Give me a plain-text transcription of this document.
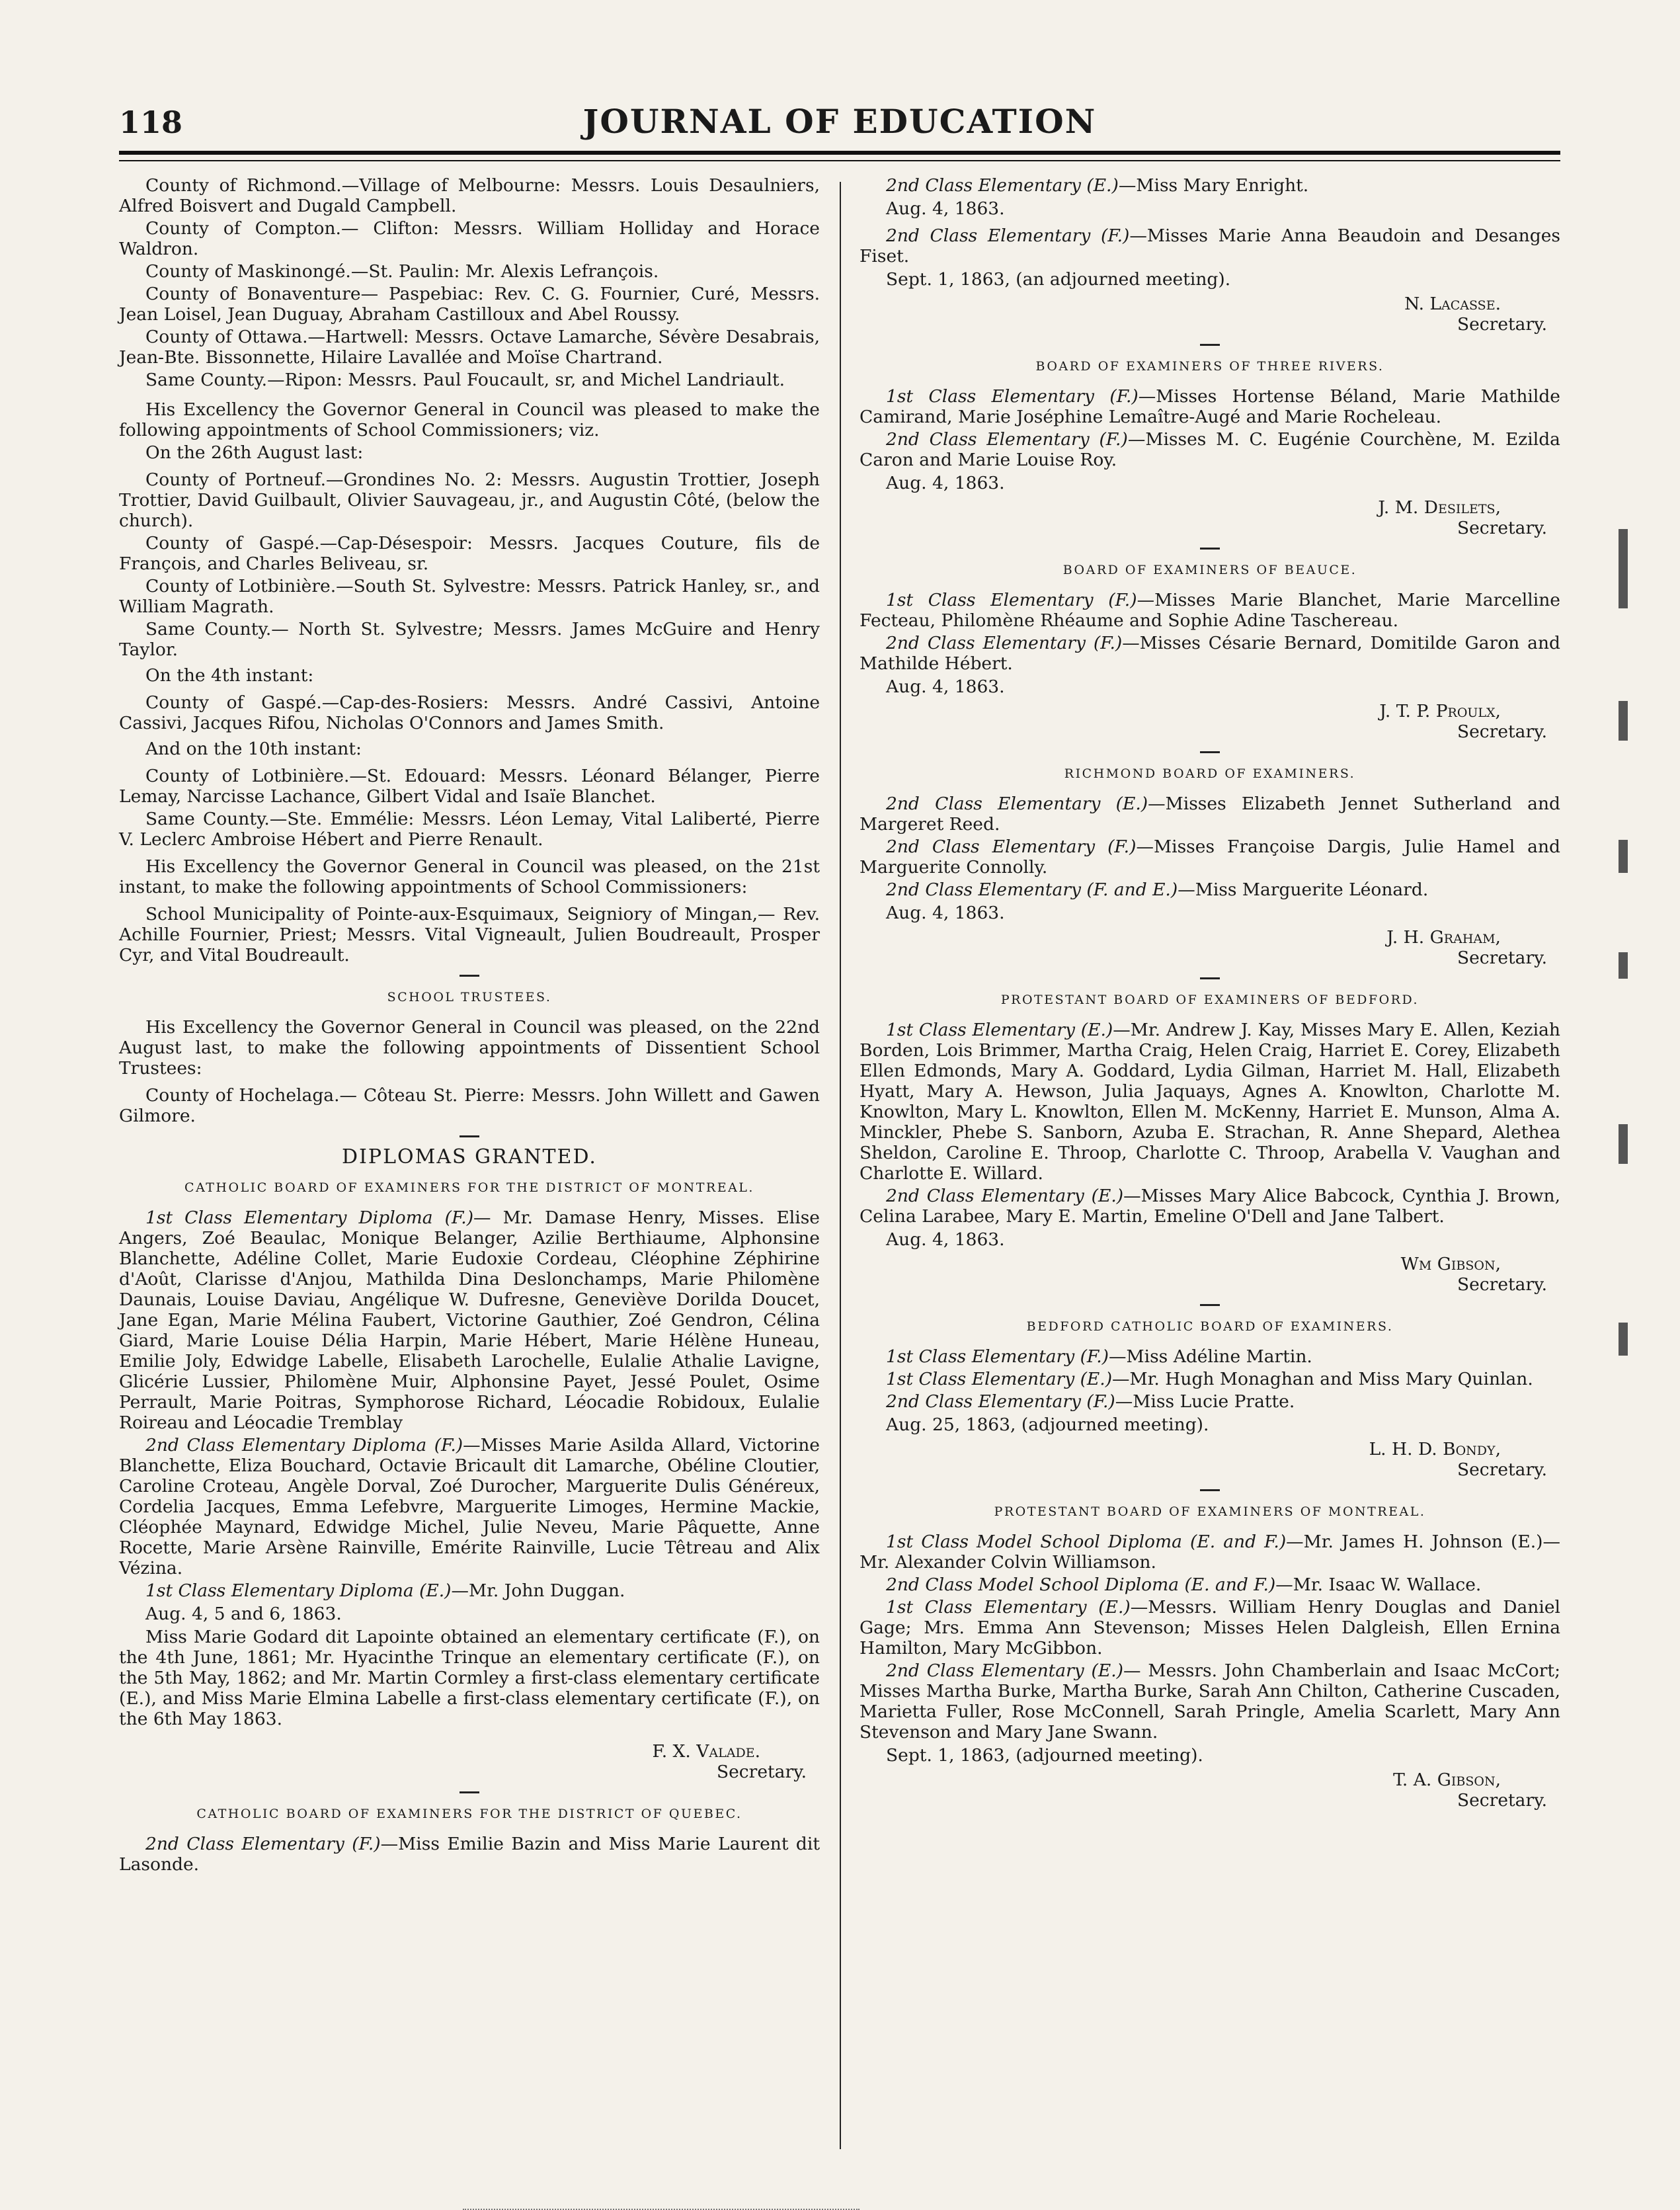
118	JOURNAL OF EDUCATION

County of Richmond.—Village of Melbourne: Messrs. Louis Desaulniers, Alfred Boisvert and Dugald Campbell.

County of Compton.— Clifton: Messrs. William Holliday and Horace Waldron.

County of Maskinongé.—St. Paulin: Mr. Alexis Lefrançois.

County of Bonaventure— Paspebiac: Rev. C. G. Fournier, Curé, Messrs. Jean Loisel, Jean Duguay, Abraham Castilloux and Abel Roussy.

County of Ottawa.—Hartwell: Messrs. Octave Lamarche, Sévère Desabrais, Jean-Bte. Bissonnette, Hilaire Lavallée and Moïse Chartrand.

Same County.—Ripon: Messrs. Paul Foucault, sr, and Michel Landriault.

His Excellency the Governor General in Council was pleased to make the following appointments of School Commissioners; viz.

On the 26th August last:

County of Portneuf.—Grondines No. 2: Messrs. Augustin Trottier, Joseph Trottier, David Guilbault, Olivier Sauvageau, jr., and Augustin Côté, (below the church).

County of Gaspé.—Cap-Désespoir: Messrs. Jacques Couture, fils de François, and Charles Beliveau, sr.

County of Lotbinière.—South St. Sylvestre: Messrs. Patrick Hanley, sr., and William Magrath.

Same County.— North St. Sylvestre; Messrs. James McGuire and Henry Taylor.

On the 4th instant:

County of Gaspé.—Cap-des-Rosiers: Messrs. André Cassivi, Antoine Cassivi, Jacques Rifou, Nicholas O'Connors and James Smith.

And on the 10th instant:

County of Lotbinière.—St. Edouard: Messrs. Léonard Bélanger, Pierre Lemay, Narcisse Lachance, Gilbert Vidal and Isaïe Blanchet.

Same County.—Ste. Emmélie: Messrs. Léon Lemay, Vital Laliberté, Pierre V. Leclerc Ambroise Hébert and Pierre Renault.

His Excellency the Governor General in Council was pleased, on the 21st instant, to make the following appointments of School Commissioners:

School Municipality of Pointe-aux-Esquimaux, Seigniory of Mingan,— Rev. Achille Fournier, Priest; Messrs. Vital Vigneault, Julien Boudreault, Prosper Cyr, and Vital Boudreault.

SCHOOL TRUSTEES.

His Excellency the Governor General in Council was pleased, on the 22nd August last, to make the following appointments of Dissentient School Trustees:

County of Hochelaga.— Côteau St. Pierre: Messrs. John Willett and Gawen Gilmore.

DIPLOMAS GRANTED.
CATHOLIC BOARD OF EXAMINERS FOR THE DISTRICT OF MONTREAL.

1st Class Elementary Diploma (F.)— Mr. Damase Henry, Misses. Elise Angers, Zoé Beaulac, Monique Belanger, Azilie Berthiaume, Alphonsine Blanchette, Adéline Collet, Marie Eudoxie Cordeau, Cléophine Zéphirine d'Août, Clarisse d'Anjou, Mathilda Dina Deslonchamps, Marie Philomène Daunais, Louise Daviau, Angélique W. Dufresne, Geneviève Dorilda Doucet, Jane Egan, Marie Mélina Faubert, Victorine Gauthier, Zoé Gendron, Célina Giard, Marie Louise Délia Harpin, Marie Hébert, Marie Hélène Huneau, Emilie Joly, Edwidge Labelle, Elisabeth Larochelle, Eulalie Athalie Lavigne, Glicérie Lussier, Philomène Muir, Alphonsine Payet, Jessé Poulet, Osime Perrault, Marie Poitras, Symphorose Richard, Léocadie Robidoux, Eulalie Roireau and Léocadie Tremblay

2nd Class Elementary Diploma (F.)—Misses Marie Asilda Allard, Victorine Blanchette, Eliza Bouchard, Octavie Bricault dit Lamarche, Obéline Cloutier, Caroline Croteau, Angèle Dorval, Zoé Durocher, Marguerite Dulis Généreux, Cordelia Jacques, Emma Lefebvre, Marguerite Limoges, Hermine Mackie, Cléophée Maynard, Edwidge Michel, Julie Neveu, Marie Pâquette, Anne Rocette, Marie Arsène Rainville, Emérite Rainville, Lucie Têtreau and Alix Vézina.

1st Class Elementary Diploma (E.)—Mr. John Duggan.

Aug. 4, 5 and 6, 1863.

Miss Marie Godard dit Lapointe obtained an elementary certificate (F.), on the 4th June, 1861; Mr. Hyacinthe Trinque an elementary certificate (F.), on the 5th May, 1862; and Mr. Martin Cormley a first-class elementary certificate (E.), and Miss Marie Elmina Labelle a first-class elementary certificate (F.), on the 6th May 1863.

F. X. Valade.

Secretary.

CATHOLIC BOARD OF EXAMINERS FOR THE DISTRICT OF QUEBEC.

2nd Class Elementary (F.)—Miss Emilie Bazin and Miss Marie Laurent dit Lasonde.

2nd Class Elementary (E.)—Miss Mary Enright.

Aug. 4, 1863.

2nd Class Elementary (F.)—Misses Marie Anna Beaudoin and Desanges Fiset.

Sept. 1, 1863, (an adjourned meeting).

N. Lacasse.

Secretary.

BOARD OF EXAMINERS OF THREE RIVERS.

1st Class Elementary (F.)—Misses Hortense Béland, Marie Mathilde Camirand, Marie Joséphine Lemaître-Augé and Marie Rocheleau.

2nd Class Elementary (F.)—Misses M. C. Eugénie Courchène, M. Ezilda Caron and Marie Louise Roy.

Aug. 4, 1863.

J. M. Desilets,

Secretary.

BOARD OF EXAMINERS OF BEAUCE.

1st Class Elementary (F.)—Misses Marie Blanchet, Marie Marcelline Fecteau, Philomène Rhéaume and Sophie Adine Taschereau.

2nd Class Elementary (F.)—Misses Césarie Bernard, Domitilde Garon and Mathilde Hébert.

Aug. 4, 1863.

J. T. P. Proulx,

Secretary.

RICHMOND BOARD OF EXAMINERS.

2nd Class Elementary (E.)—Misses Elizabeth Jennet Sutherland and Margeret Reed.

2nd Class Elementary (F.)—Misses Françoise Dargis, Julie Hamel and Marguerite Connolly.

2nd Class Elementary (F. and E.)—Miss Marguerite Léonard.

Aug. 4, 1863.

J. H. Graham,

Secretary.

PROTESTANT BOARD OF EXAMINERS OF BEDFORD.

1st Class Elementary (E.)—Mr. Andrew J. Kay, Misses Mary E. Allen, Keziah Borden, Lois Brimmer, Martha Craig, Helen Craig, Harriet E. Corey, Elizabeth Ellen Edmonds, Mary A. Goddard, Lydia Gilman, Harriet M. Hall, Elizabeth Hyatt, Mary A. Hewson, Julia Jaquays, Agnes A. Knowlton, Charlotte M. Knowlton, Mary L. Knowlton, Ellen M. McKenny, Harriet E. Munson, Alma A. Minckler, Phebe S. Sanborn, Azuba E. Strachan, R. Anne Shepard, Alethea Sheldon, Caroline E. Throop, Charlotte C. Throop, Arabella V. Vaughan and Charlotte E. Willard.

2nd Class Elementary (E.)—Misses Mary Alice Babcock, Cynthia J. Brown, Celina Larabee, Mary E. Martin, Emeline O'Dell and Jane Talbert.

Aug. 4, 1863.

Wm Gibson,

Secretary.

BEDFORD CATHOLIC BOARD OF EXAMINERS.

1st Class Elementary (F.)—Miss Adéline Martin.

1st Class Elementary (E.)—Mr. Hugh Monaghan and Miss Mary Quinlan.

2nd Class Elementary (F.)—Miss Lucie Pratte.

Aug. 25, 1863, (adjourned meeting).

L. H. D. Bondy,

Secretary.

PROTESTANT BOARD OF EXAMINERS OF MONTREAL.

1st Class Model School Diploma (E. and F.)—Mr. James H. Johnson (E.)—Mr. Alexander Colvin Williamson.

2nd Class Model School Diploma (E. and F.)—Mr. Isaac W. Wallace.

1st Class Elementary (E.)—Messrs. William Henry Douglas and Daniel Gage; Mrs. Emma Ann Stevenson; Misses Helen Dalgleish, Ellen Ernina Hamilton, Mary McGibbon.

2nd Class Elementary (E.)— Messrs. John Chamberlain and Isaac McCort; Misses Martha Burke, Martha Burke, Sarah Ann Chilton, Catherine Cuscaden, Marietta Fuller, Rose McConnell, Sarah Pringle, Amelia Scarlett, Mary Ann Stevenson and Mary Jane Swann.

Sept. 1, 1863, (adjourned meeting).

T. A. Gibson,

Secretary.
